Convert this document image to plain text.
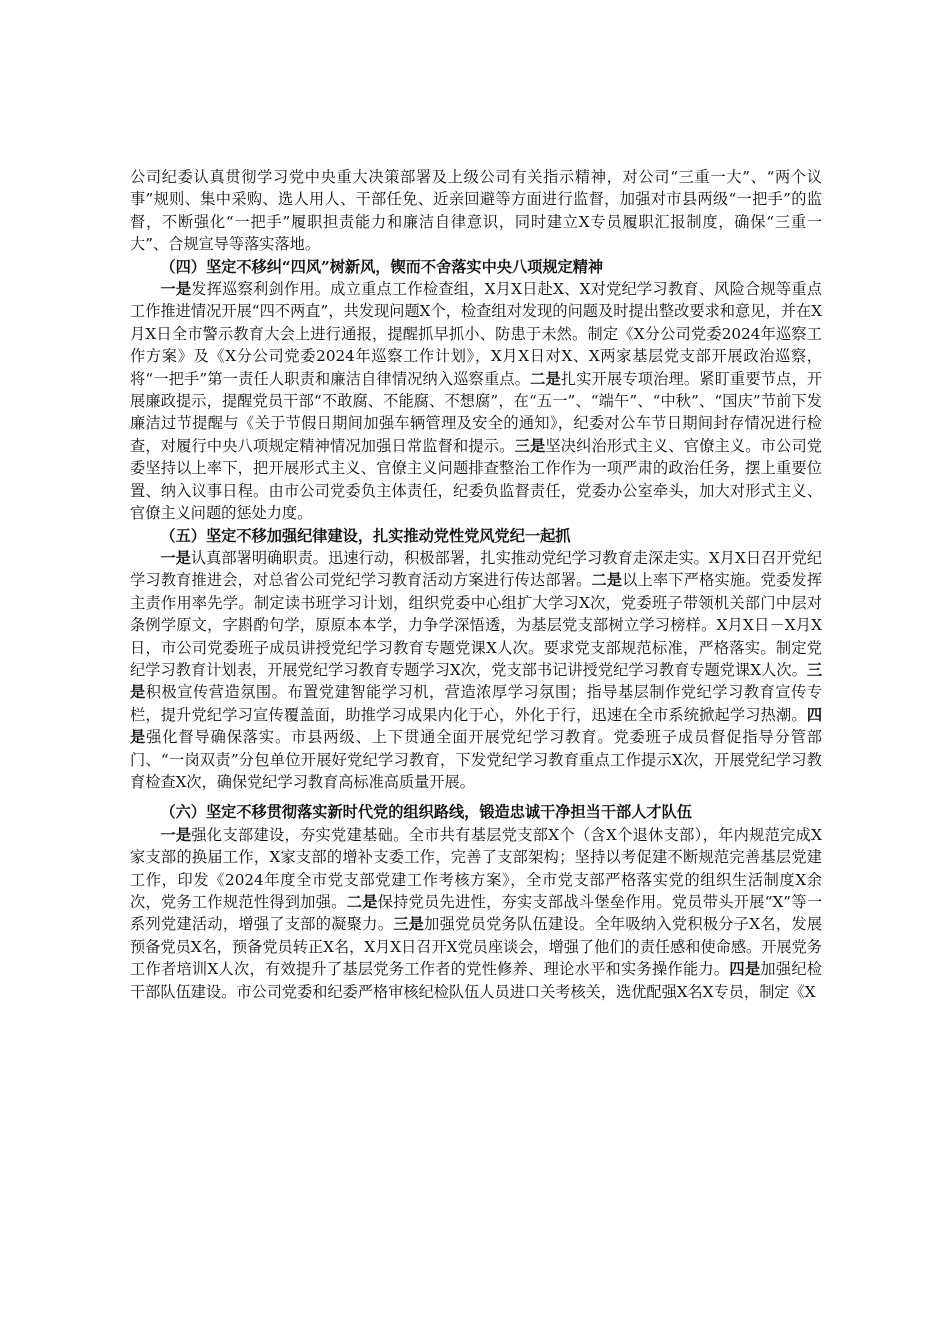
公司纪委认真贯彻学习党中央重大决策部署及上级公司有关指示精神，对公司“三重一大”、“两个议事”规则、集中采购、选人用人、干部任免、近亲回避等方面进行监督，加强对市县两级“一把手”的监督，不断强化“一把手”履职担责能力和廉洁自律意识，同时建立X专员履职汇报制度，确保“三重一大”、合规宣导等落实落地。

（四）坚定不移纠“四风”树新风，锲而不舍落实中央八项规定精神

一是发挥巡察利剑作用。成立重点工作检查组，X月X日赴X、X对党纪学习教育、风险合规等重点工作推进情况开展“四不两直”，共发现问题X个，检查组对发现的问题及时提出整改要求和意见，并在X月X日全市警示教育大会上进行通报，提醒抓早抓小、防患于未然。制定《X分公司党委2024年巡察工作方案》及《X分公司党委2024年巡察工作计划》，X月X日对X、X两家基层党支部开展政治巡察，将“一把手”第一责任人职责和廉洁自律情况纳入巡察重点。二是扎实开展专项治理。紧盯重要节点，开展廉政提示，提醒党员干部“不敢腐、不能腐、不想腐”，在“五一”、“端午”、“中秋”、“国庆”节前下发廉洁过节提醒与《关于节假日期间加强车辆管理及安全的通知》，纪委对公车节日期间封存情况进行检查，对履行中央八项规定精神情况加强日常监督和提示。三是坚决纠治形式主义、官僚主义。市公司党委坚持以上率下，把开展形式主义、官僚主义问题排查整治工作作为一项严肃的政治任务，摆上重要位置、纳入议事日程。由市公司党委负主体责任，纪委负监督责任，党委办公室牵头，加大对形式主义、官僚主义问题的惩处力度。

（五）坚定不移加强纪律建设，扎实推动党性党风党纪一起抓

一是认真部署明确职责。迅速行动，积极部署，扎实推动党纪学习教育走深走实。X月X日召开党纪学习教育推进会，对总省公司党纪学习教育活动方案进行传达部署。二是以上率下严格实施。党委发挥主责作用率先学。制定读书班学习计划，组织党委中心组扩大学习X次，党委班子带领机关部门中层对条例学原文，字斟酌句学，原原本本学，力争学深悟透，为基层党支部树立学习榜样。X月X日－X月X日，市公司党委班子成员讲授党纪学习教育专题党课X人次。要求党支部规范标准，严格落实。制定党纪学习教育计划表，开展党纪学习教育专题学习X次，党支部书记讲授党纪学习教育专题党课X人次。三是积极宣传营造氛围。布置党建智能学习机，营造浓厚学习氛围；指导基层制作党纪学习教育宣传专栏，提升党纪学习宣传覆盖面，助推学习成果内化于心，外化于行，迅速在全市系统掀起学习热潮。四是强化督导确保落实。市县两级、上下贯通全面开展党纪学习教育。党委班子成员督促指导分管部门、“一岗双责”分包单位开展好党纪学习教育，下发党纪学习教育重点工作提示X次，开展党纪学习教育检查X次，确保党纪学习教育高标准高质量开展。

（六）坚定不移贯彻落实新时代党的组织路线，锻造忠诚干净担当干部人才队伍

一是强化支部建设，夯实党建基础。全市共有基层党支部X个（含X个退休支部），年内规范完成X家支部的换届工作，X家支部的增补支委工作，完善了支部架构；坚持以考促建不断规范完善基层党建工作，印发《2024年度全市党支部党建工作考核方案》，全市党支部严格落实党的组织生活制度X余次，党务工作规范性得到加强。二是保持党员先进性，夯实支部战斗堡垒作用。党员带头开展“X”等一系列党建活动，增强了支部的凝聚力。三是加强党员党务队伍建设。全年吸纳入党积极分子X名，发展预备党员X名，预备党员转正X名，X月X日召开X党员座谈会，增强了他们的责任感和使命感。开展党务工作者培训X人次，有效提升了基层党务工作者的党性修养、理论水平和实务操作能力。四是加强纪检干部队伍建设。市公司党委和纪委严格审核纪检队伍人员进口关考核关，选优配强X名X专员，制定《X
